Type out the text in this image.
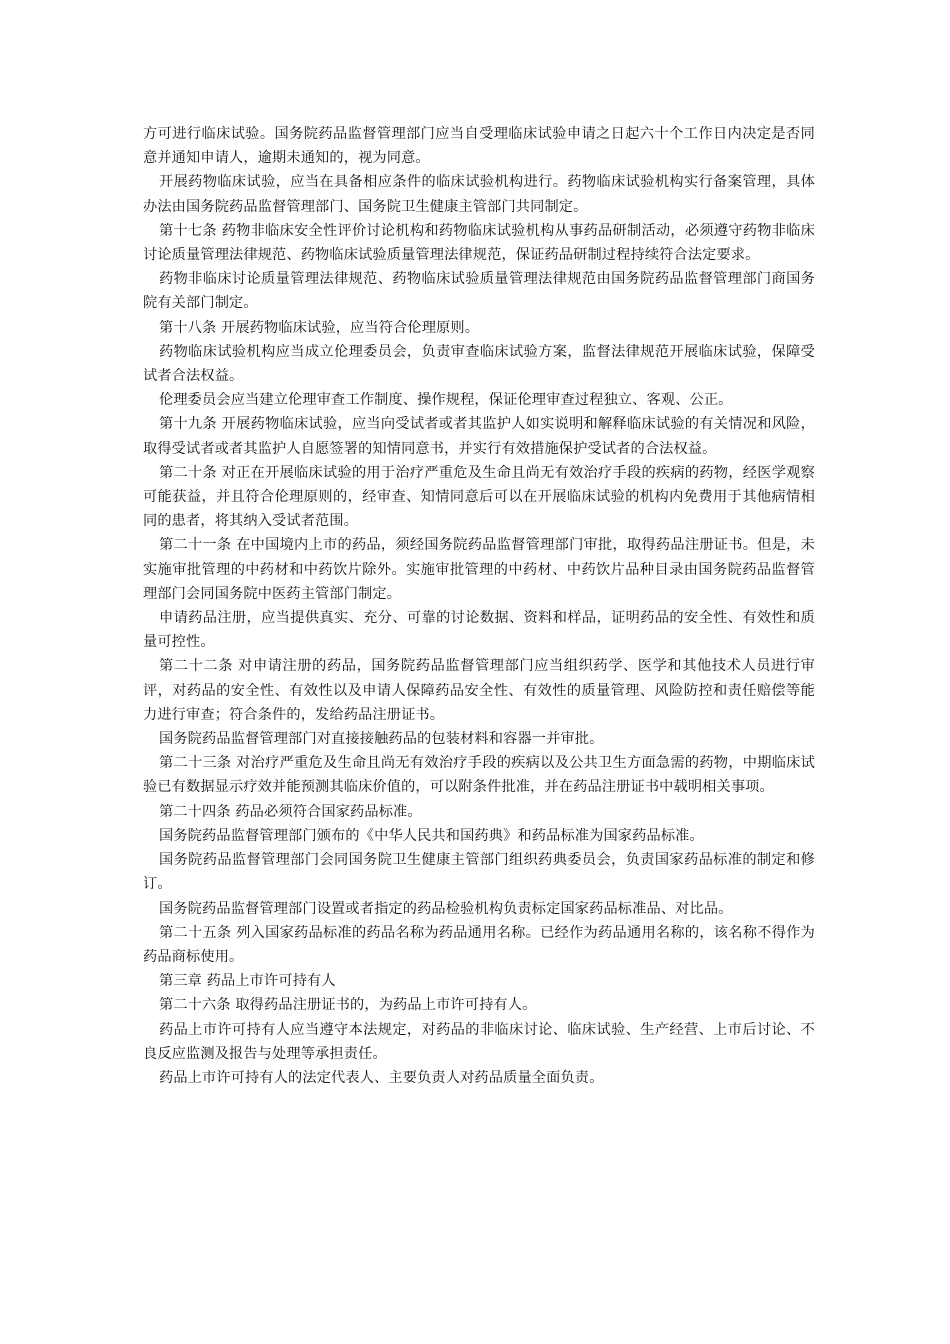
方可进行临床试验。国务院药品监督管理部门应当自受理临床试验申请之日起六十个工作日内决定是否同意并通知申请人，逾期未通知的，视为同意。

开展药物临床试验，应当在具备相应条件的临床试验机构进行。药物临床试验机构实行备案管理，具体办法由国务院药品监督管理部门、国务院卫生健康主管部门共同制定。

第十七条 药物非临床安全性评价讨论机构和药物临床试验机构从事药品研制活动，必须遵守药物非临床讨论质量管理法律规范、药物临床试验质量管理法律规范，保证药品研制过程持续符合法定要求。

药物非临床讨论质量管理法律规范、药物临床试验质量管理法律规范由国务院药品监督管理部门商国务院有关部门制定。

第十八条 开展药物临床试验，应当符合伦理原则。

药物临床试验机构应当成立伦理委员会，负责审查临床试验方案，监督法律规范开展临床试验，保障受试者合法权益。

伦理委员会应当建立伦理审查工作制度、操作规程，保证伦理审查过程独立、客观、公正。

第十九条 开展药物临床试验，应当向受试者或者其监护人如实说明和解释临床试验的有关情况和风险，取得受试者或者其监护人自愿签署的知情同意书，并实行有效措施保护受试者的合法权益。

第二十条 对正在开展临床试验的用于治疗严重危及生命且尚无有效治疗手段的疾病的药物，经医学观察可能获益，并且符合伦理原则的，经审查、知情同意后可以在开展临床试验的机构内免费用于其他病情相同的患者，将其纳入受试者范围。

第二十一条 在中国境内上市的药品，须经国务院药品监督管理部门审批，取得药品注册证书。但是，未实施审批管理的中药材和中药饮片除外。实施审批管理的中药材、中药饮片品种目录由国务院药品监督管理部门会同国务院中医药主管部门制定。

申请药品注册，应当提供真实、充分、可靠的讨论数据、资料和样品，证明药品的安全性、有效性和质量可控性。

第二十二条 对申请注册的药品，国务院药品监督管理部门应当组织药学、医学和其他技术人员进行审评，对药品的安全性、有效性以及申请人保障药品安全性、有效性的质量管理、风险防控和责任赔偿等能力进行审查；符合条件的，发给药品注册证书。

国务院药品监督管理部门对直接接触药品的包装材料和容器一并审批。

第二十三条 对治疗严重危及生命且尚无有效治疗手段的疾病以及公共卫生方面急需的药物，中期临床试验已有数据显示疗效并能预测其临床价值的，可以附条件批准，并在药品注册证书中载明相关事项。

第二十四条 药品必须符合国家药品标准。

国务院药品监督管理部门颁布的《中华人民共和国药典》和药品标准为国家药品标准。

国务院药品监督管理部门会同国务院卫生健康主管部门组织药典委员会，负责国家药品标准的制定和修订。

国务院药品监督管理部门设置或者指定的药品检验机构负责标定国家药品标准品、对比品。

第二十五条 列入国家药品标准的药品名称为药品通用名称。已经作为药品通用名称的，该名称不得作为药品商标使用。

第三章 药品上市许可持有人

第二十六条 取得药品注册证书的，为药品上市许可持有人。

药品上市许可持有人应当遵守本法规定，对药品的非临床讨论、临床试验、生产经营、上市后讨论、不良反应监测及报告与处理等承担责任。

药品上市许可持有人的法定代表人、主要负责人对药品质量全面负责。
